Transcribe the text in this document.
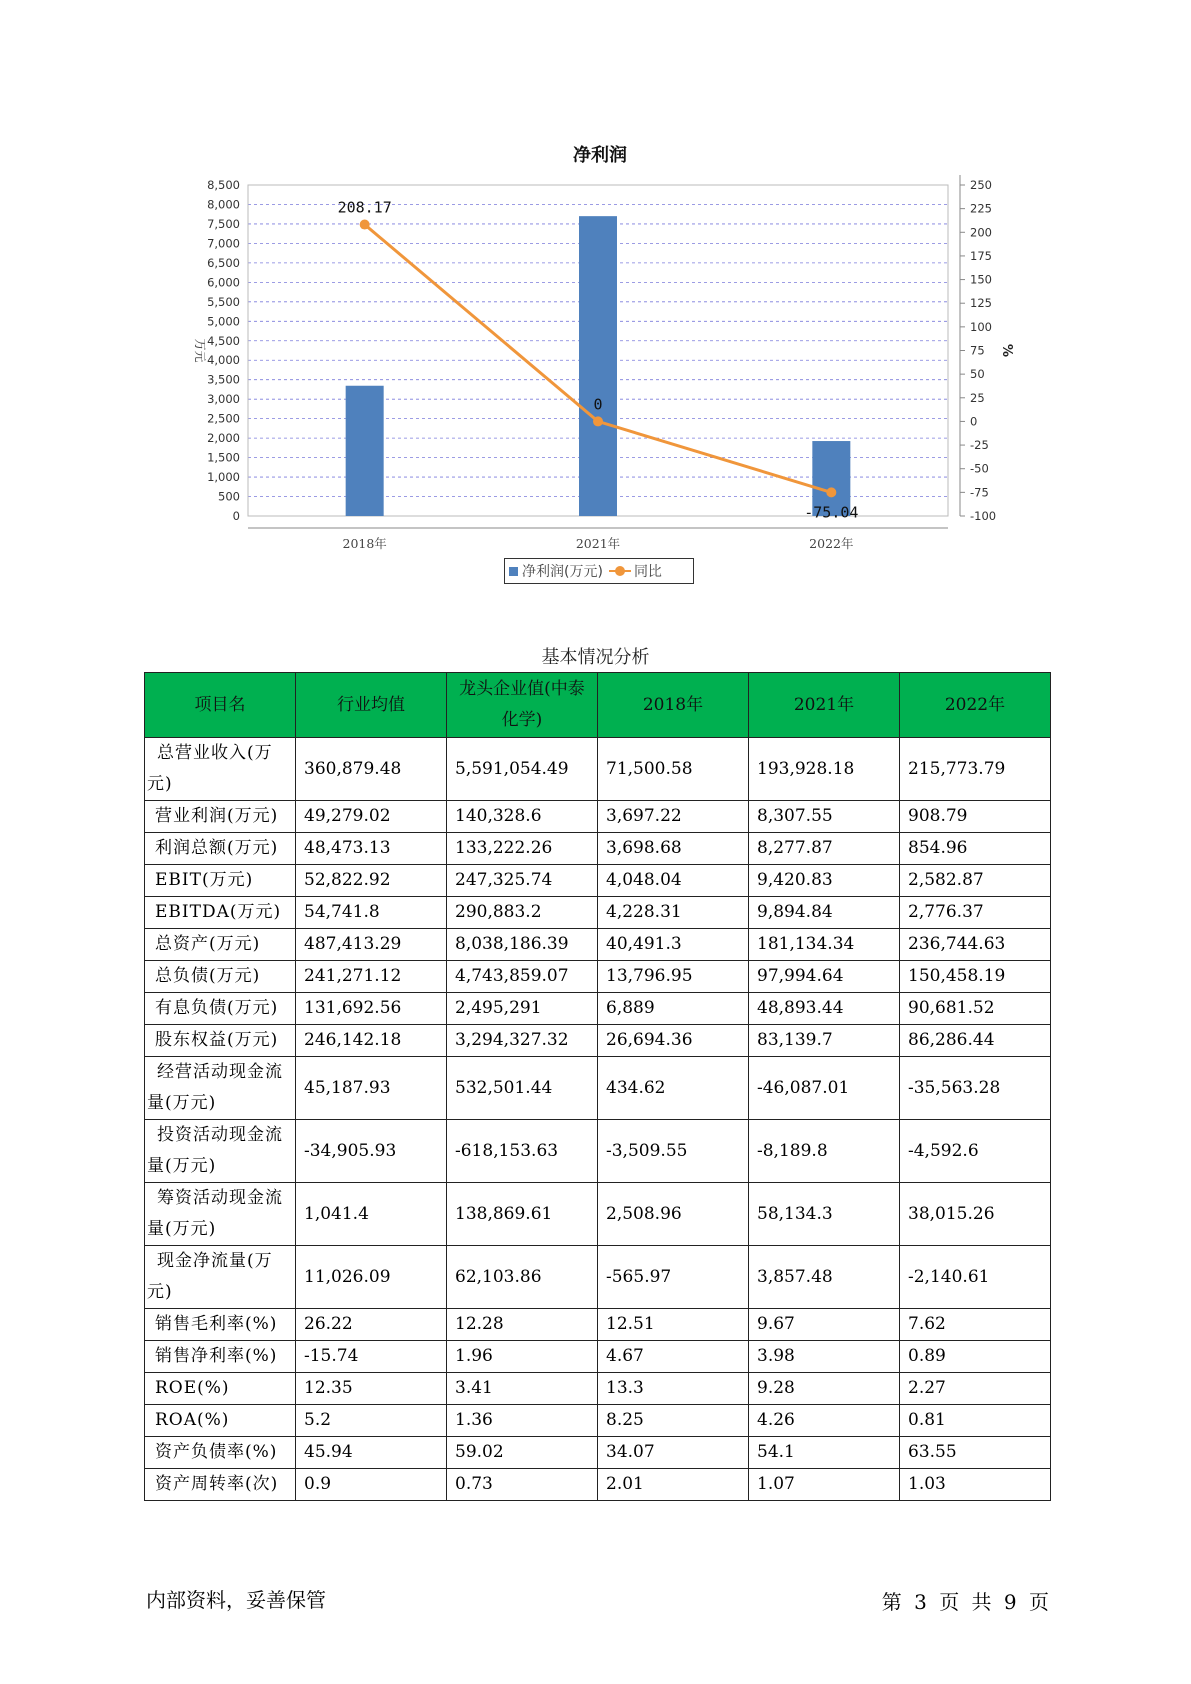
净利润
0
500
1,000
1,500
2,000
2,500
3,000
3,500
4,000
4,500
5,000
5,500
6,000
6,500
7,000
7,500
8,000
8,500
-100
-75
-50
-25
0
25
50
75
100
125
150
175
200
225
250
万元	%
2018年	2021年	2022年
208.17
0
-75.04
净利润(万元) 同比
基本情况分析
项目名	行业均值	龙头企业值(中泰化学)	2018年	2021年	2022年
总营业收入(万元)	360,879.48	5,591,054.49	71,500.58	193,928.18	215,773.79
营业利润(万元)	49,279.02	140,328.6	3,697.22	8,307.55	908.79
利润总额(万元)	48,473.13	133,222.26	3,698.68	8,277.87	854.96
EBIT(万元)	52,822.92	247,325.74	4,048.04	9,420.83	2,582.87
EBITDA(万元)	54,741.8	290,883.2	4,228.31	9,894.84	2,776.37
总资产(万元)	487,413.29	8,038,186.39	40,491.3	181,134.34	236,744.63
总负债(万元)	241,271.12	4,743,859.07	13,796.95	97,994.64	150,458.19
有息负债(万元)	131,692.56	2,495,291	6,889	48,893.44	90,681.52
股东权益(万元)	246,142.18	3,294,327.32	26,694.36	83,139.7	86,286.44
经营活动现金流量(万元)	45,187.93	532,501.44	434.62	-46,087.01	-35,563.28
投资活动现金流量(万元)	-34,905.93	-618,153.63	-3,509.55	-8,189.8	-4,592.6
筹资活动现金流量(万元)	1,041.4	138,869.61	2,508.96	58,134.3	38,015.26
现金净流量(万元)	11,026.09	62,103.86	-565.97	3,857.48	-2,140.61
销售毛利率(%)	26.22	12.28	12.51	9.67	7.62
销售净利率(%)	-15.74	1.96	4.67	3.98	0.89
ROE(%)	12.35	3.41	13.3	9.28	2.27
ROA(%)	5.2	1.36	8.25	4.26	0.81
资产负债率(%)	45.94	59.02	34.07	54.1	63.55
资产周转率(次)	0.9	0.73	2.01	1.07	1.03
内部资料，妥善保管	第 3 页 共 9 页
